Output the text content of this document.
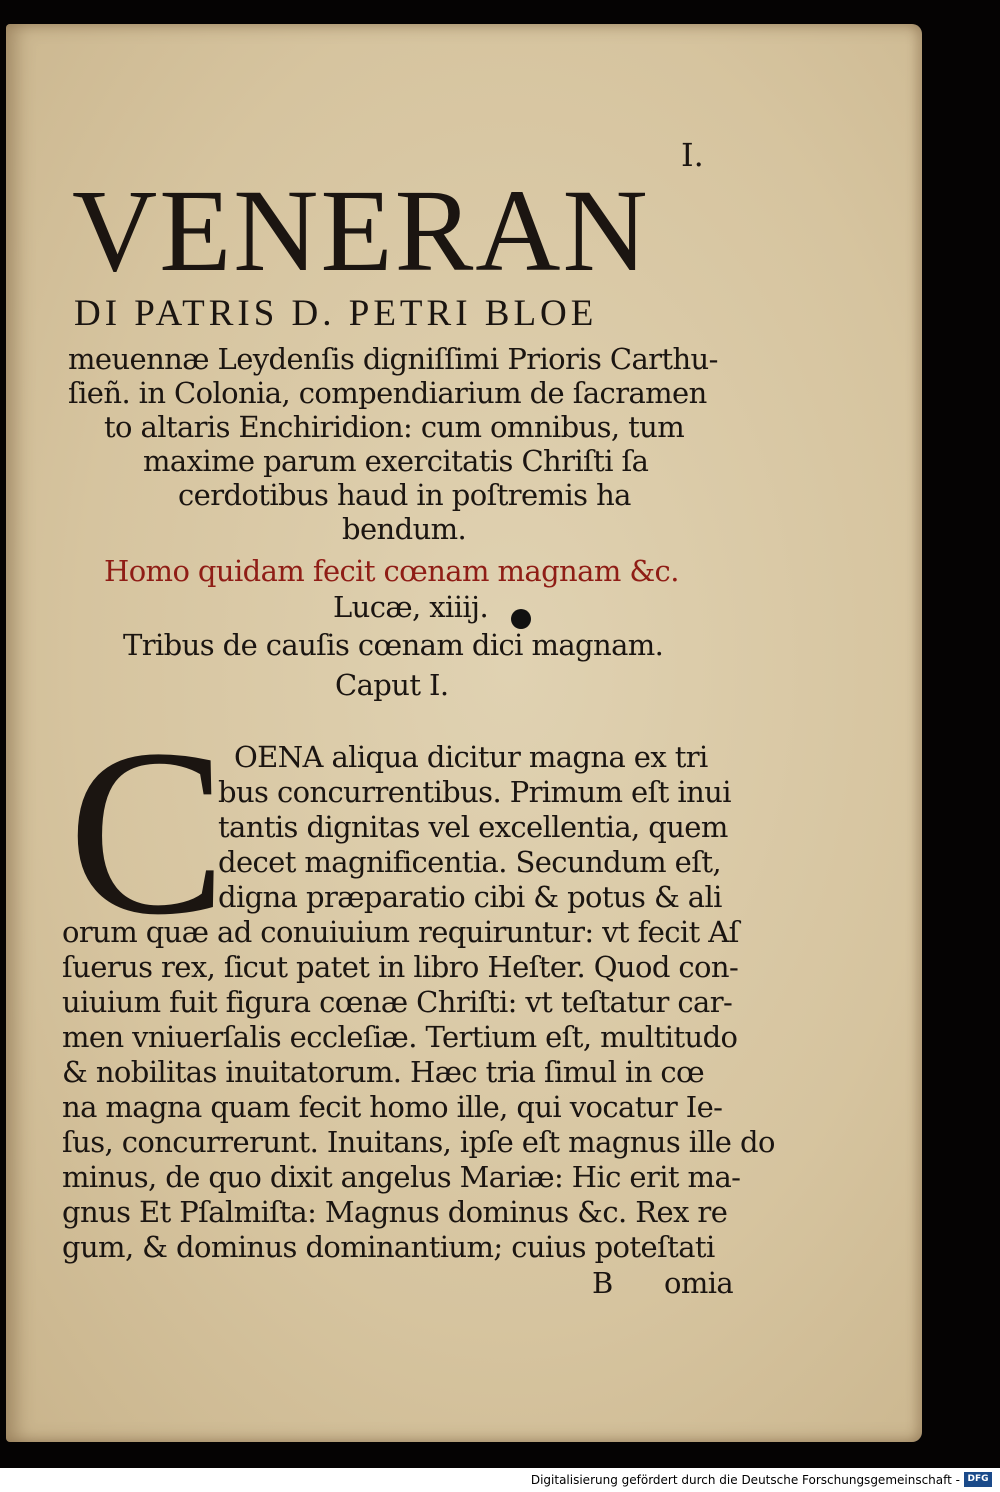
I.
VENERAN
DI PATRIS D. PETRI BLOE
meuennæ Leydenſis digniſſimi Prioris Carthu-
ſieñ. in Colonia, compendiarium de ſacramen
to altaris Enchiridion: cum omnibus, tum
maxime parum exercitatis Chriſti ſa
cerdotibus haud in poſtremis ha
bendum.
Homo quidam fecit cœnam magnam &c.
Lucæ, xiiij.
Tribus de cauſis cœnam dici magnam.
Caput I.
C OENA aliqua dicitur magna ex tri
bus concurrentibus. Primum eſt inui
tantis dignitas vel excellentia, quem
decet magnificentia. Secundum eſt,
digna præparatio cibi & potus & ali
orum quæ ad conuiuium requiruntur: vt fecit Aſ
ſuerus rex, ſicut patet in libro Heſter. Quod con-
uiuium fuit figura cœnæ Chriſti: vt teſtatur car-
men vniuerſalis eccleſiæ. Tertium eſt, multitudo
& nobilitas inuitatorum. Hæc tria ſimul in cœ
na magna quam fecit homo ille, qui vocatur Ie-
ſus, concurrerunt. Inuitans, ipſe eſt magnus ille do
minus, de quo dixit angelus Mariæ: Hic erit ma-
gnus Et Pſalmiſta: Magnus dominus &c. Rex re
gum, & dominus dominantium; cuius poteſtati
B omia
Digitalisierung gefördert durch die Deutsche Forschungsgemeinschaft - DFG
